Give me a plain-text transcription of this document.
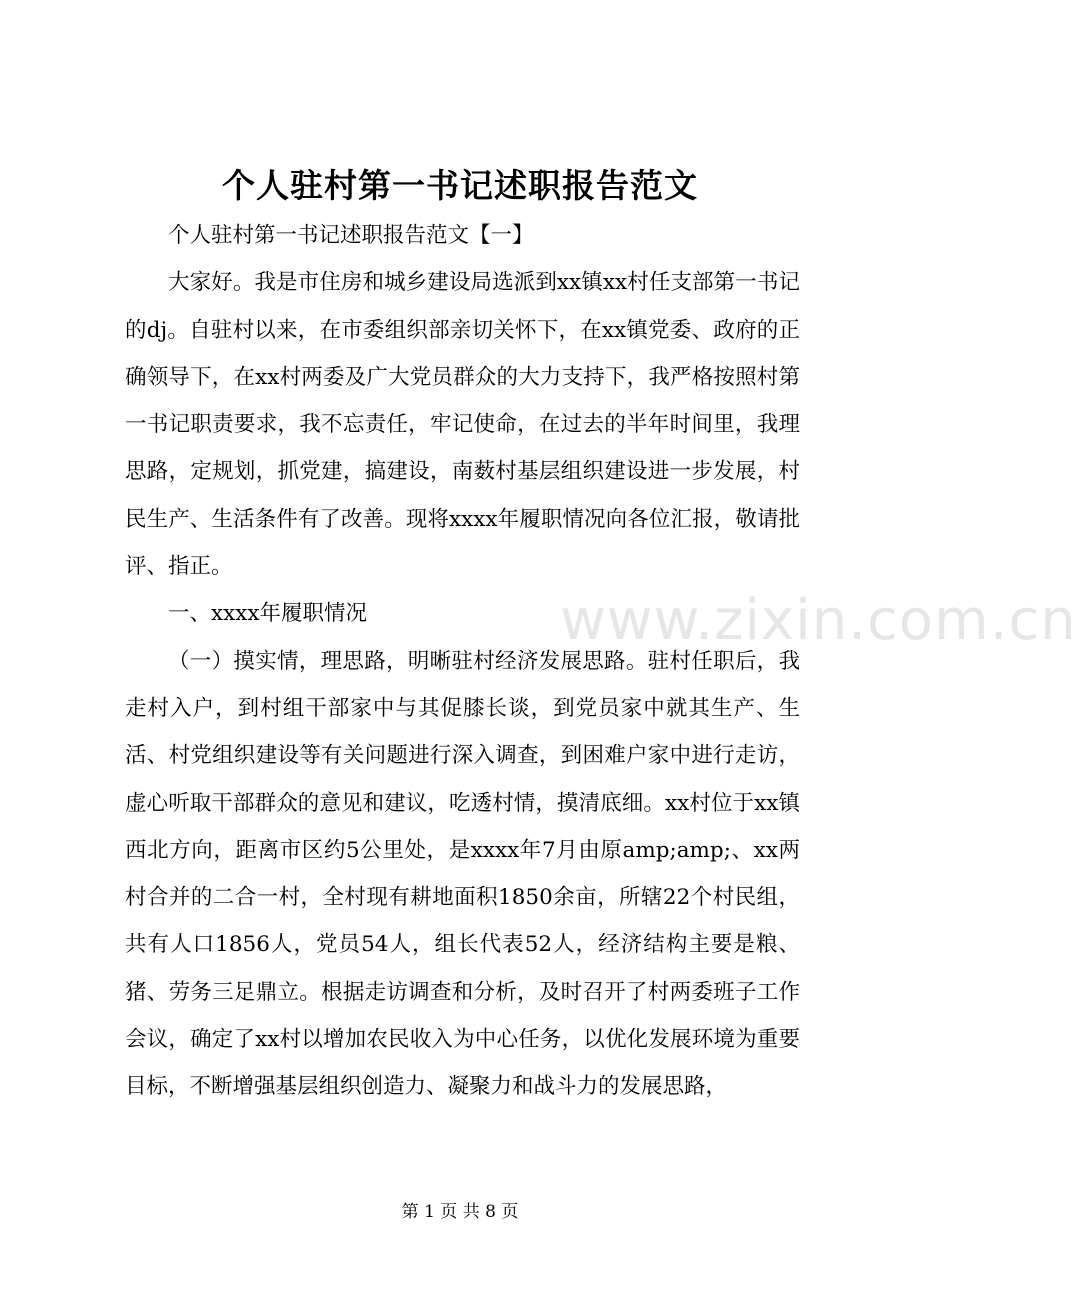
个人驻村第一书记述职报告范文

个人驻村第一书记述职报告范文【一】

大家好。我是市住房和城乡建设局选派到xx镇xx村任支部第一书记的dj。自驻村以来，在市委组织部亲切关怀下，在xx镇党委、政府的正确领导下，在xx村两委及广大党员群众的大力支持下，我严格按照村第一书记职责要求，我不忘责任，牢记使命，在过去的半年时间里，我理思路，定规划，抓党建，搞建设，南薮村基层组织建设进一步发展，村民生产、生活条件有了改善。现将xxxx年履职情况向各位汇报，敬请批评、指正。

一、xxxx年履职情况

（一）摸实情，理思路，明晰驻村经济发展思路。驻村任职后，我走村入户，到村组干部家中与其促膝长谈，到党员家中就其生产、生活、村党组织建设等有关问题进行深入调查，到困难户家中进行走访，虚心听取干部群众的意见和建议，吃透村情，摸清底细。xx村位于xx镇西北方向，距离市区约5公里处，是xxxx年7月由原amp;amp;、xx两村合并的二合一村，全村现有耕地面积1850余亩，所辖22个村民组，共有人口1856人，党员54人，组长代表52人，经济结构主要是粮、猪、劳务三足鼎立。根据走访调查和分析，及时召开了村两委班子工作会议，确定了xx村以增加农民收入为中心任务，以优化发展环境为重要目标，不断增强基层组织创造力、凝聚力和战斗力的发展思路，

www.zixin.com.cn
第 1 页 共 8 页
